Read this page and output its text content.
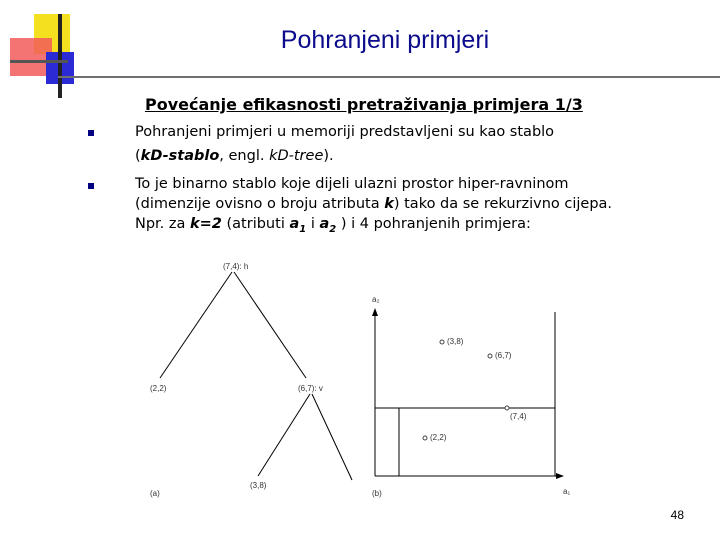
Pohranjeni primjeri
Povećanje efikasnosti pretraživanja primjera 1/3
Pohranjeni primjeri u memoriji predstavljeni su kao stablo
(kD-stablo, engl. kD-tree).
To je binarno stablo koje dijeli ulazni prostor hiper-ravninom
(dimenzije ovisno o broju atributa k) tako da se rekurzivno cijepa.
Npr. za k=2 (atributi $a_1$ i $a_2$ ) i 4 pohranjenih primjera:
(7,4): h
(2,2)	(6,7): v
(3,8)
(a)
a₂
a₁
(3,8)
(6,7)
(7,4)
(2,2)
(b)
48
